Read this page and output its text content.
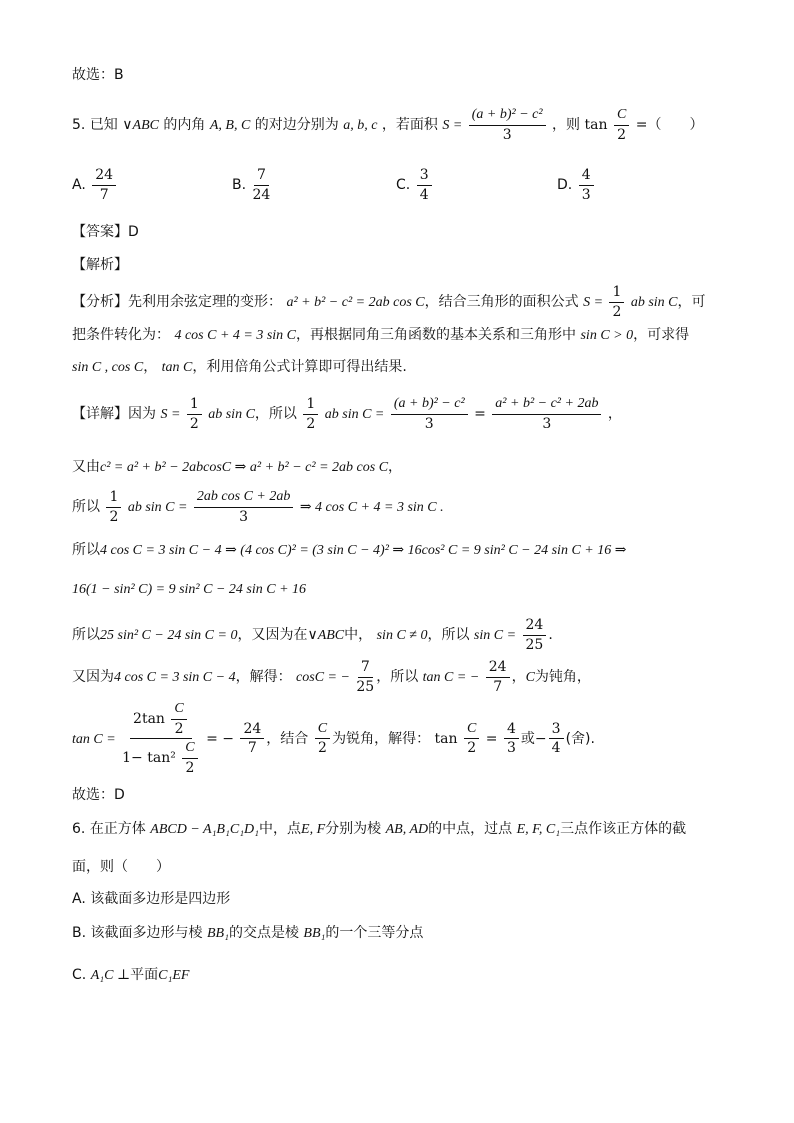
故选：B
5. 已知 ∨ABC 的内角 A, B, C 的对边分别为 a, b, c ，若面积 $S = \frac{\text{(a + b)² − c²}}{3}$ ，则 $\tan \frac{C}{2}$ =（　　）
A. $\frac{24}{7}$	B. $\frac{7}{24}$	C. $\frac{3}{4}$	D. $\frac{4}{3}$
【答案】D
【解析】
【分析】先利用余弦定理的变形： a² + b² − c² = 2ab cos C，结合三角形的面积公式 $S = \frac{1}{2}$ ab sin C，可
把条件转化为： 4 cos C + 4 = 3 sin C，再根据同角三角函数的基本关系和三角形中 sin C > 0，可求得
sin C , cos C， tan C，利用倍角公式计算即可得出结果.
【详解】因为 $S = \frac{1}{2}$ ab sin C，所以 $\frac{1}{2}$ ab $\sin C = \frac{\text{(a + b)² − c²}}{3} = \frac{\text{a² + b² − c² + 2ab}}{3}$ ，
又由c² = a² + b² − 2abcosC ⇒ a² + b² − c² = 2ab cos C，
所以 $\frac{1}{2}$ ab $\sin C = \frac{\text{2ab cos C + 2ab}}{3}$ ⇒ 4 cos C + 4 = 3 sin C .
所以4 cos C = 3 sin C − 4 ⇒ (4 cos C)² = (3 sin C − 4)² ⇒ 16cos² C = 9 sin² C − 24 sin C + 16 ⇒
16(1 − sin² C) = 9 sin² C − 24 sin C + 16
所以25 sin² C − 24 sin C = 0，又因为在∨ABC中， sin C ≠ 0，所以 $\sin C = \frac{24}{25}$ .
又因为4 cos C = 3 sin C − 4，解得： cosC = − $\frac{7}{25}$ ，所以 tan C = − $\frac{24}{7}$ ，C为钝角，
$\tan C = \frac{2\tan \frac{C}{2}}{1- \tan^2 \frac{C}{2}}$ = − $\frac{24}{7}$ ，结合 $\frac{C}{2}$ 为锐角，解得： $\tan \frac{C}{2} = \frac{4}{3}$ 或− $\frac{3}{4}$ (舍).
故选：D
6. 在正方体 ABCD − A₁B₁C₁D₁中，点E, F分别为棱 AB, AD的中点，过点 E, F, C₁三点作该正方体的截
面，则（　　）
A. 该截面多边形是四边形
B. 该截面多边形与棱 BB₁的交点是棱 BB₁的一个三等分点
C. A₁C ⊥平面C₁EF
